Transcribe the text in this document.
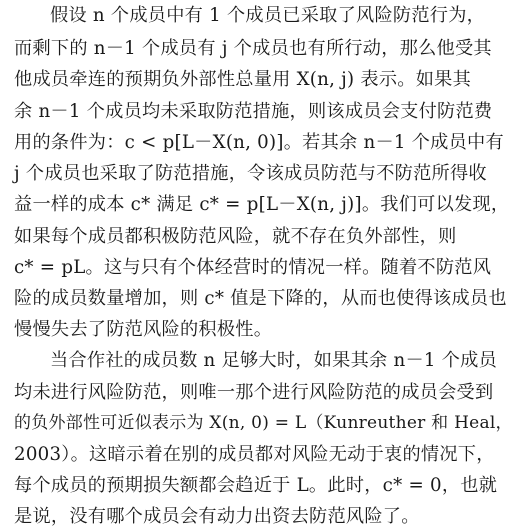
假设 n 个成员中有 1 个成员已采取了风险防范行为，
而剩下的 n－1 个成员有 j 个成员也有所行动，那么他受其
他成员牵连的预期负外部性总量用 X(n, j) 表示。如果其
余 n－1 个成员均未采取防范措施，则该成员会支付防范费
用的条件为：c < p[L－X(n, 0)]。若其余 n－1 个成员中有
j 个成员也采取了防范措施，令该成员防范与不防范所得收
益一样的成本 c* 满足 c* = p[L－X(n, j)]。我们可以发现，
如果每个成员都积极防范风险，就不存在负外部性，则
c* = pL。这与只有个体经营时的情况一样。随着不防范风
险的成员数量增加，则 c* 值是下降的，从而也使得该成员也
慢慢失去了防范风险的积极性。
当合作社的成员数 n 足够大时，如果其余 n－1 个成员
均未进行风险防范，则唯一那个进行风险防范的成员会受到
的负外部性可近似表示为 X(n, 0) = L（Kunreuther 和 Heal，
2003）。这暗示着在别的成员都对风险无动于衷的情况下，
每个成员的预期损失额都会趋近于 L。此时，c* = 0，也就
是说，没有哪个成员会有动力出资去防范风险了。
